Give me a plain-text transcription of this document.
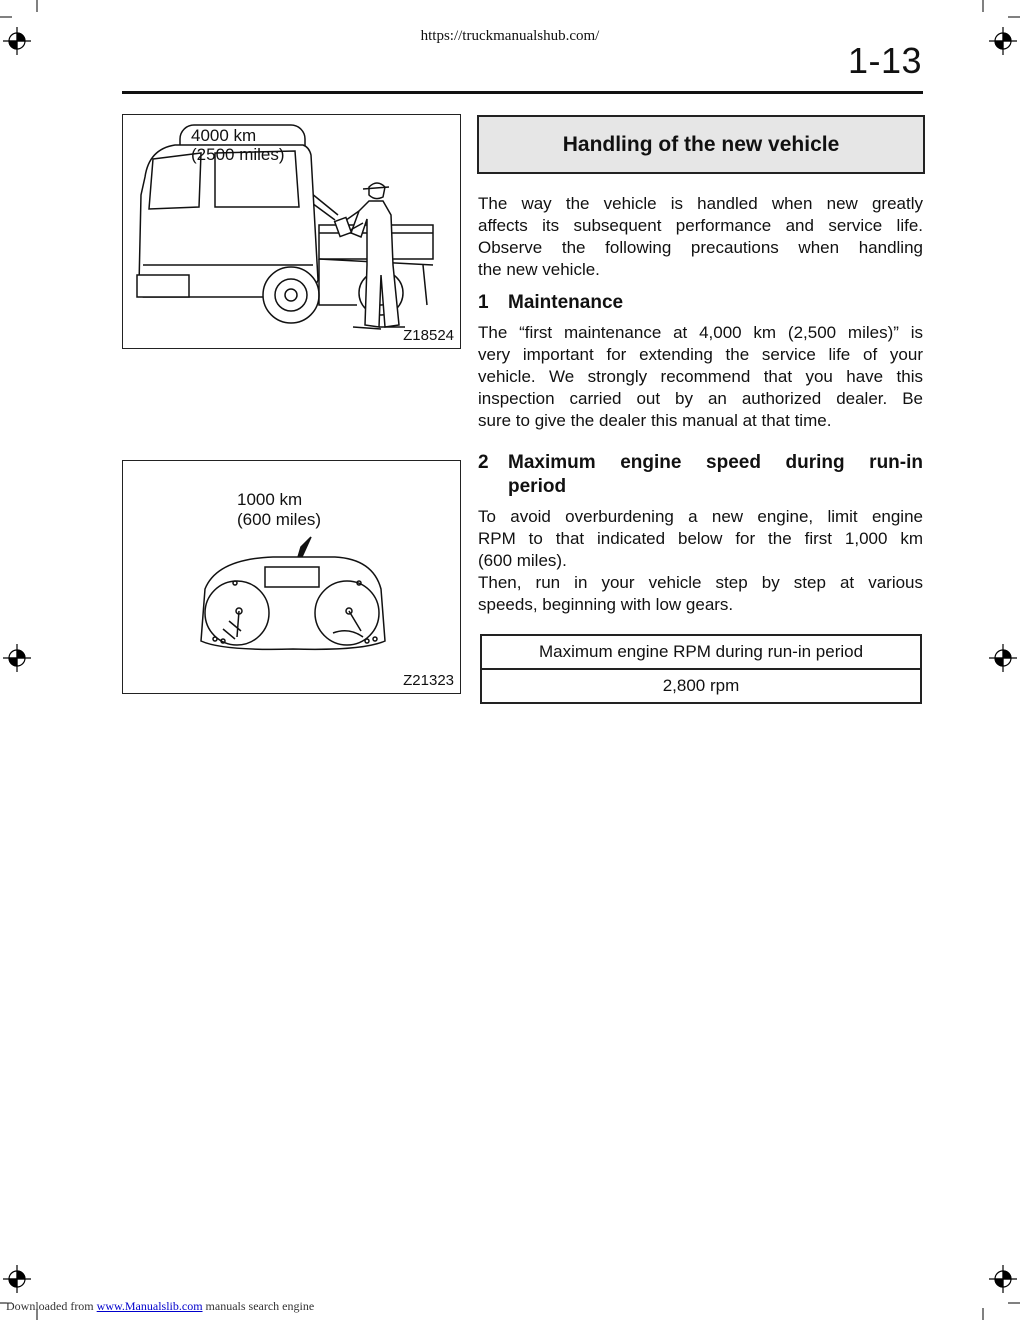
https://truckmanualshub.com/
1-13
4000 km
(2500 miles)
Z18524
1000 km
(600 miles)
Z21323
Handling of the new vehicle
The way the vehicle is handled when new greatly
affects its subsequent performance and service life.
Observe the following precautions when handling
the new vehicle.
1 Maintenance
The “first maintenance at 4,000 km (2,500 miles)” is
very important for extending the service life of your
vehicle. We strongly recommend that you have this
inspection carried out by an authorized dealer. Be
sure to give the dealer this manual at that time.
2 Maximum engine speed during run-in
period
To avoid overburdening a new engine, limit engine
RPM to that indicated below for the first 1,000 km
(600 miles).
Then, run in your vehicle step by step at various
speeds, beginning with low gears.
Maximum engine RPM during run-in period
2,800 rpm
Downloaded from www.Manualslib.com manuals search engine
